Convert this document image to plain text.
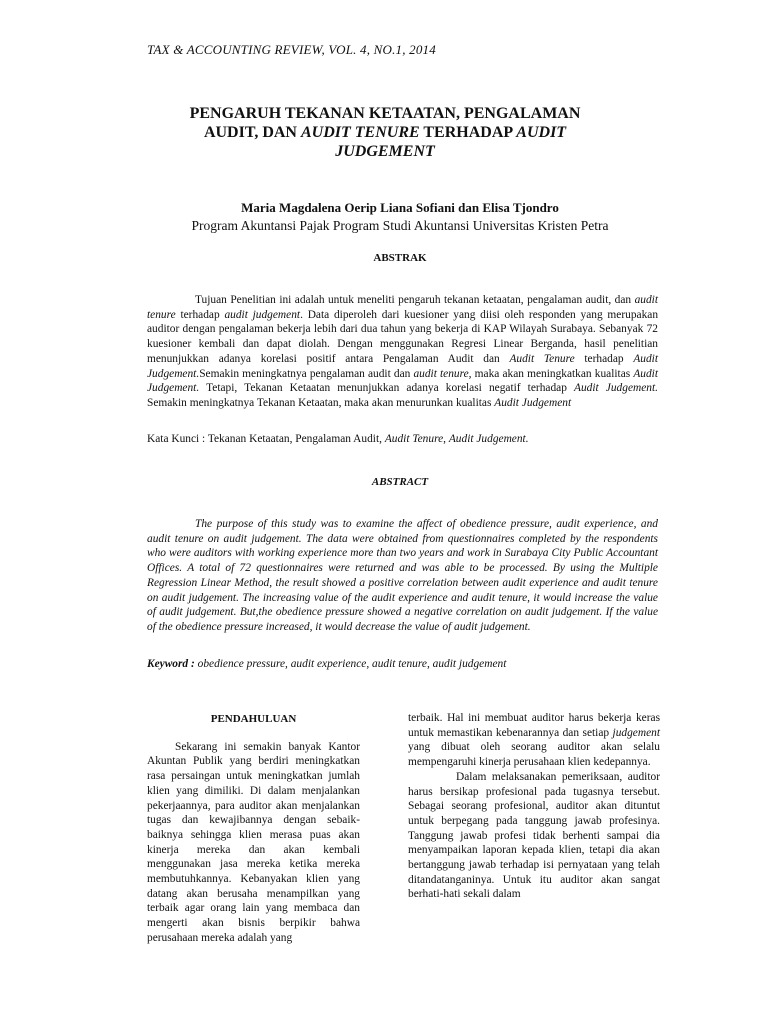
TAX & ACCOUNTING REVIEW, VOL. 4, NO.1, 2014
PENGARUH TEKANAN KETAATAN, PENGALAMAN
AUDIT, DAN AUDIT TENURE TERHADAP AUDIT
JUDGEMENT
Maria Magdalena Oerip Liana Sofiani dan Elisa Tjondro
Program Akuntansi Pajak Program Studi Akuntansi Universitas Kristen Petra
ABSTRAK

Tujuan Penelitian ini adalah untuk meneliti pengaruh tekanan ketaatan, pengalaman audit, dan audit tenure terhadap audit judgement. Data diperoleh dari kuesioner yang diisi oleh responden yang merupakan auditor dengan pengalaman bekerja lebih dari dua tahun yang bekerja di KAP Wilayah Surabaya. Sebanyak 72 kuesioner kembali dan dapat diolah. Dengan menggunakan Regresi Linear Berganda, hasil penelitian menunjukkan adanya korelasi positif antara Pengalaman Audit dan Audit Tenure terhadap Audit Judgement.Semakin meningkatnya pengalaman audit dan audit tenure, maka akan meningkatkan kualitas Audit Judgement. Tetapi, Tekanan Ketaatan menunjukkan adanya korelasi negatif terhadap Audit Judgement. Semakin meningkatnya Tekanan Ketaatan, maka akan menurunkan kualitas Audit Judgement

Kata Kunci : Tekanan Ketaatan, Pengalaman Audit, Audit Tenure, Audit Judgement.

ABSTRACT

The purpose of this study was to examine the affect of obedience pressure, audit experience, and audit tenure on audit judgement. The data were obtained from questionnaires completed by the respondents who were auditors with working experience more than two years and work in Surabaya City Public Accountant Offices. A total of 72 questionnaires were returned and was able to be processed. By using the Multiple Regression Linear Method, the result showed a positive correlation between audit experience and audit tenure on audit judgement. The increasing value of the audit experience and audit tenure, it would increase the value of audit judgement. But,the obedience pressure showed a negative correlation on audit judgement. If the value of the obedience pressure increased, it would decrease the value of audit judgement.

Keyword : obedience pressure, audit experience, audit tenure, audit judgement

PENDAHULUAN

Sekarang ini semakin banyak Kantor Akuntan Publik yang berdiri meningkatkan rasa persaingan untuk meningkatkan jumlah klien yang dimiliki. Di dalam menjalankan pekerjaannya, para auditor akan menjalankan tugas dan kewajibannya dengan sebaik-baiknya sehingga klien merasa puas akan kinerja mereka dan akan kembali menggunakan jasa mereka ketika mereka membutuhkannya. Kebanyakan klien yang datang akan berusaha menampilkan yang terbaik agar orang lain yang membaca dan mengerti akan bisnis berpikir bahwa perusahaan mereka adalah yang

terbaik. Hal ini membuat auditor harus bekerja keras untuk memastikan kebenarannya dan setiap judgement yang dibuat oleh seorang auditor akan selalu mempengaruhi kinerja perusahaan klien kedepannya.

Dalam melaksanakan pemeriksaan, auditor harus bersikap profesional pada tugasnya tersebut. Sebagai seorang profesional, auditor akan dituntut untuk berpegang pada tanggung jawab profesinya. Tanggung jawab profesi tidak berhenti sampai dia menyampaikan laporan kepada klien, tetapi dia akan bertanggung jawab terhadap isi pernyataan yang telah ditandatanganinya. Untuk itu auditor akan sangat berhati-hati sekali dalam
